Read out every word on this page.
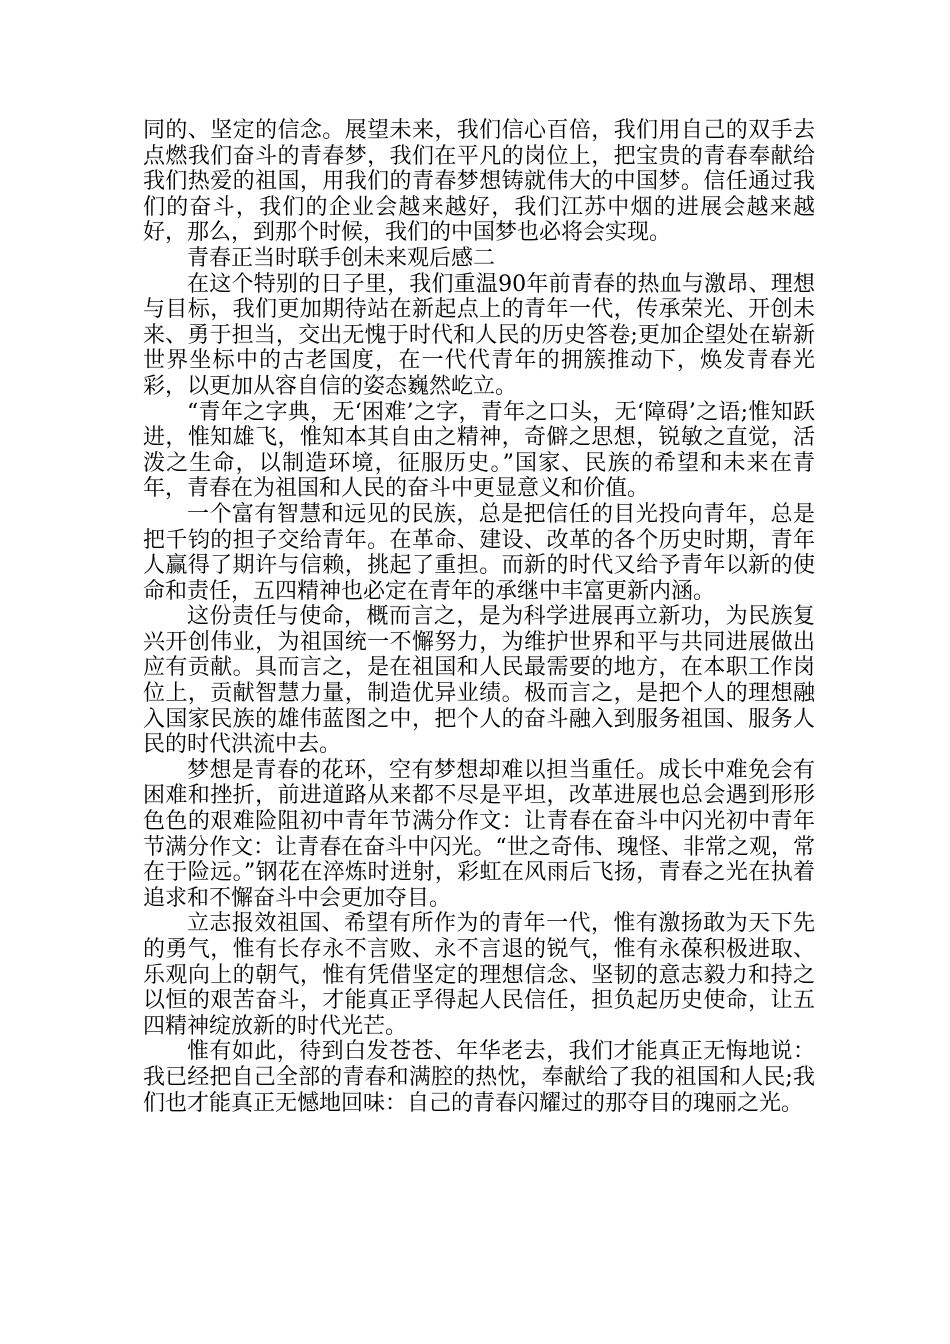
同的、坚定的信念。展望未来，我们信心百倍，我们用自己的双手去点燃我们奋斗的青春梦，我们在平凡的岗位上，把宝贵的青春奉献给我们热爱的祖国，用我们的青春梦想铸就伟大的中国梦。信任通过我们的奋斗，我们的企业会越来越好，我们江苏中烟的进展会越来越好，那么，到那个时候，我们的中国梦也必将会实现。

青春正当时联手创未来观后感二

在这个特别的日子里，我们重温90年前青春的热血与激昂、理想与目标，我们更加期待站在新起点上的青年一代，传承荣光、开创未来、勇于担当，交出无愧于时代和人民的历史答卷;更加企望处在崭新世界坐标中的古老国度，在一代代青年的拥簇推动下，焕发青春光彩，以更加从容自信的姿态巍然屹立。

“青年之字典，无‘困难’之字，青年之口头，无‘障碍’之语;惟知跃进，惟知雄飞，惟知本其自由之精神，奇僻之思想，锐敏之直觉，活泼之生命，以制造环境，征服历史。”国家、民族的希望和未来在青年，青春在为祖国和人民的奋斗中更显意义和价值。

一个富有智慧和远见的民族，总是把信任的目光投向青年，总是把千钧的担子交给青年。在革命、建设、改革的各个历史时期，青年人赢得了期许与信赖，挑起了重担。而新的时代又给予青年以新的使命和责任，五四精神也必定在青年的承继中丰富更新内涵。

这份责任与使命，概而言之，是为科学进展再立新功，为民族复兴开创伟业，为祖国统一不懈努力，为维护世界和平与共同进展做出应有贡献。具而言之，是在祖国和人民最需要的地方，在本职工作岗位上，贡献智慧力量，制造优异业绩。极而言之，是把个人的理想融入国家民族的雄伟蓝图之中，把个人的奋斗融入到服务祖国、服务人民的时代洪流中去。

梦想是青春的花环，空有梦想却难以担当重任。成长中难免会有困难和挫折，前进道路从来都不尽是平坦，改革进展也总会遇到形形色色的艰难险阻初中青年节满分作文：让青春在奋斗中闪光初中青年节满分作文：让青春在奋斗中闪光。“世之奇伟、瑰怪、非常之观，常在于险远。”钢花在淬炼时迸射，彩虹在风雨后飞扬，青春之光在执着追求和不懈奋斗中会更加夺目。

立志报效祖国、希望有所作为的青年一代，惟有激扬敢为天下先的勇气，惟有长存永不言败、永不言退的锐气，惟有永葆积极进取、乐观向上的朝气，惟有凭借坚定的理想信念、坚韧的意志毅力和持之以恒的艰苦奋斗，才能真正孚得起人民信任，担负起历史使命，让五四精神绽放新的时代光芒。

惟有如此，待到白发苍苍、年华老去，我们才能真正无悔地说：我已经把自己全部的青春和满腔的热忱，奉献给了我的祖国和人民;我们也才能真正无憾地回味：自己的青春闪耀过的那夺目的瑰丽之光。
